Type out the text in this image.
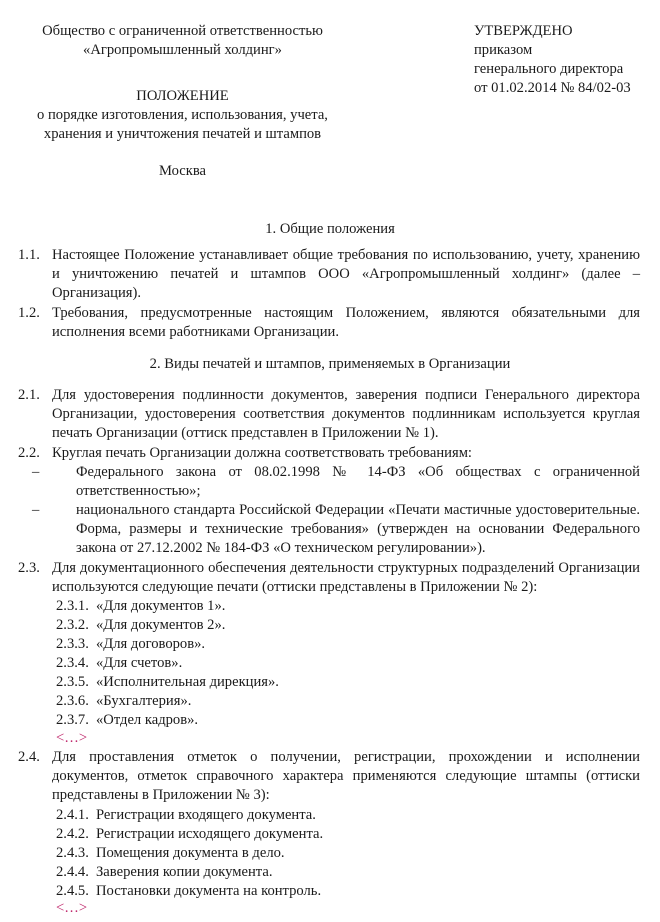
Общество с ограниченной ответственностью

«Агропромышленный холдинг»

УТВЕРЖДЕНО

приказом

генерального директора

от 01.02.2014 № 84/02-03

ПОЛОЖЕНИЕ

о порядке изготовления, использования, учета,

хранения и уничтожения печатей и штампов

Москва
1. Общие положения
1.1. Настоящее Положение устанавливает общие требования по использованию, учету, хранению и уничтожению печатей и штампов ООО «Агропромышленный холдинг» (далее – Организация).

1.2. Требования, предусмотренные настоящим Положением, являются обязательными для исполнения всеми работниками Организации.

2. Виды печатей и штампов, применяемых в Организации
2.1. Для удостоверения подлинности документов, заверения подписи Генерального директора Организации, удостоверения соответствия документов подлинникам используется круглая печать Организации (оттиск представлен в Приложении № 1).

2.2. Круглая печать Организации должна соответствовать требованиям:

–	Федерального закона от 08.02.1998 № 14-ФЗ «Об обществах с ограниченной ответственностью»;

–	национального стандарта Российской Федерации «Печати мастичные удостоверительные. Форма, размеры и технические требования» (утвержден на основании Федерального закона от 27.12.2002 № 184-ФЗ «О техническом регулировании»).

2.3. Для документационного обеспечения деятельности структурных подразделений Организации используются следующие печати (оттиски представлены в Приложении № 2):

2.3.1. «Для документов 1».
2.3.2. «Для документов 2».
2.3.3. «Для договоров».
2.3.4. «Для счетов».
2.3.5. «Исполнительная дирекция».
2.3.6. «Бухгалтерия».
2.3.7. «Отдел кадров».
<…>
2.4. Для проставления отметок о получении, регистрации, прохождении и исполнении документов, отметок справочного характера применяются следующие штампы (оттиски представлены в Приложении № 3):

2.4.1. Регистрации входящего документа.
2.4.2. Регистрации исходящего документа.
2.4.3. Помещения документа в дело.
2.4.4. Заверения копии документа.
2.4.5. Постановки документа на контроль.
<…>
